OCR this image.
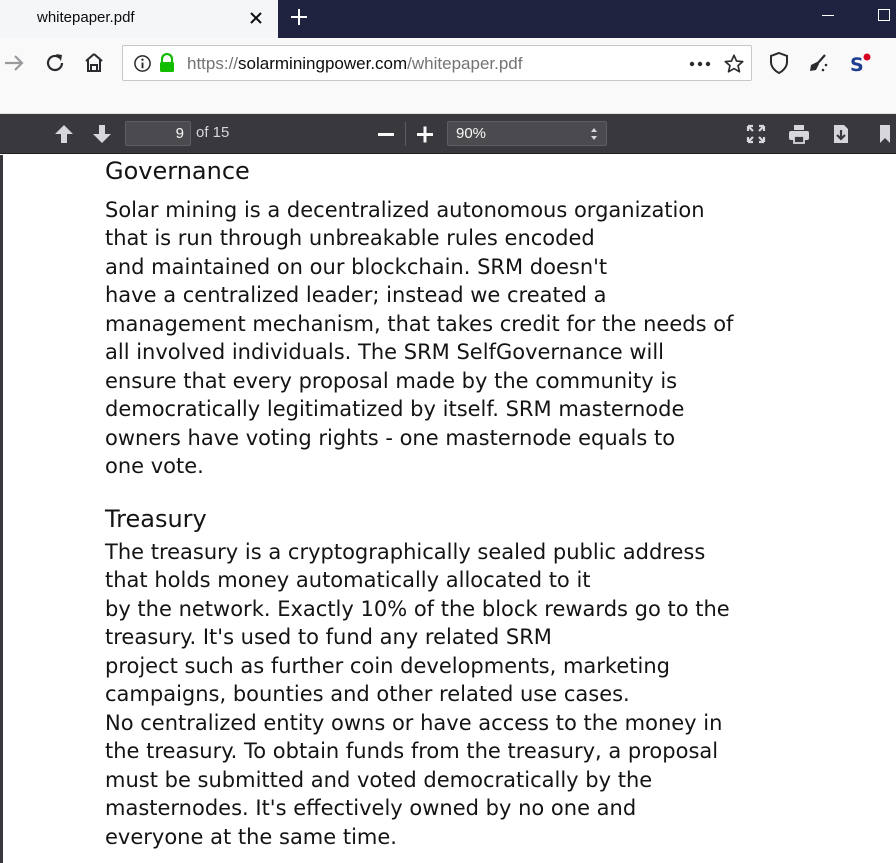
whitepaper.pdf
S
https://solarminingpower.com/whitepaper.pdf
9 of 15	90%
Governance
Solar mining is a decentralized autonomous organization
that is run through unbreakable rules encoded
and maintained on our blockchain. SRM doesn't
have a centralized leader; instead we created a
management mechanism, that takes credit for the needs of
all involved individuals. The SRM SelfGovernance will
ensure that every proposal made by the community is
democratically legitimatized by itself. SRM masternode
owners have voting rights - one masternode equals to
one vote.
Treasury
The treasury is a cryptographically sealed public address
that holds money automatically allocated to it
by the network. Exactly 10% of the block rewards go to the
treasury. It's used to fund any related SRM
project such as further coin developments, marketing
campaigns, bounties and other related use cases.
No centralized entity owns or have access to the money in
the treasury. To obtain funds from the treasury, a proposal
must be submitted and voted democratically by the
masternodes. It's effectively owned by no one and
everyone at the same time.
